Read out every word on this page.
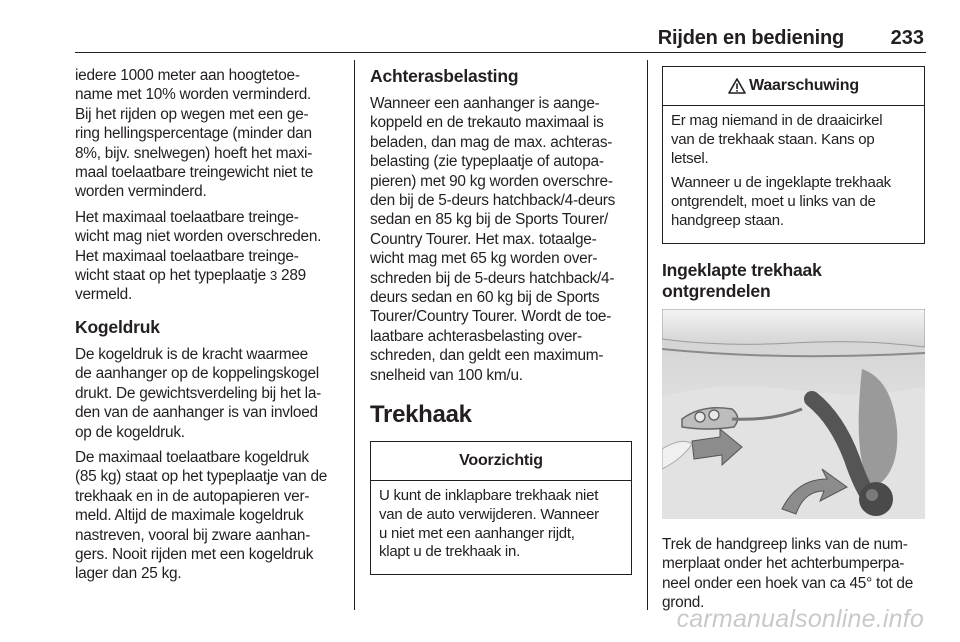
Rijden en bediening 233

iedere 1000 meter aan hoogtetoe-
name met 10% worden verminderd.
Bij het rijden op wegen met een ge-
ring hellingspercentage (minder dan
8%, bijv. snelwegen) hoeft het maxi-
maal toelaatbare treingewicht niet te
worden verminderd.

Het maximaal toelaatbare treinge-
wicht mag niet worden overschreden.
Het maximaal toelaatbare treinge-
wicht staat op het typeplaatje 3 289
vermeld.

Kogeldruk

De kogeldruk is de kracht waarmee
de aanhanger op de koppelingskogel
drukt. De gewichtsverdeling bij het la-
den van de aanhanger is van invloed
op de kogeldruk.

De maximaal toelaatbare kogeldruk
(85 kg) staat op het typeplaatje van de
trekhaak en in de autopapieren ver-
meld. Altijd de maximale kogeldruk
nastreven, vooral bij zware aanhan-
gers. Nooit rijden met een kogeldruk
lager dan 25 kg.

Achterasbelasting

Wanneer een aanhanger is aange-
koppeld en de trekauto maximaal is
beladen, dan mag de max. achteras-
belasting (zie typeplaatje of autopa-
pieren) met 90 kg worden overschre-
den bij de 5-deurs hatchback/4-deurs
sedan en 85 kg bij de Sports Tourer/
Country Tourer. Het max. totaalge-
wicht mag met 65 kg worden over-
schreden bij de 5-deurs hatchback/4-
deurs sedan en 60 kg bij de Sports
Tourer/Country Tourer. Wordt de toe-
laatbare achterasbelasting over-
schreden, dan geldt een maximum-
snelheid van 100 km/u.

Trekhaak
Voorzichtig

U kunt de inklapbare trekhaak niet
van de auto verwijderen. Wanneer
u niet met een aanhanger rijdt,
klapt u de trekhaak in.

Waarschuwing

Er mag niemand in de draaicirkel
van de trekhaak staan. Kans op
letsel.

Wanneer u de ingeklapte trekhaak
ontgrendelt, moet u links van de
handgreep staan.

Ingeklapte trekhaak ontgrendelen

Trek de handgreep links van de num-
merplaat onder het achterbumperpa-
neel onder een hoek van ca 45° tot de
grond.

carmanualsonline.info
